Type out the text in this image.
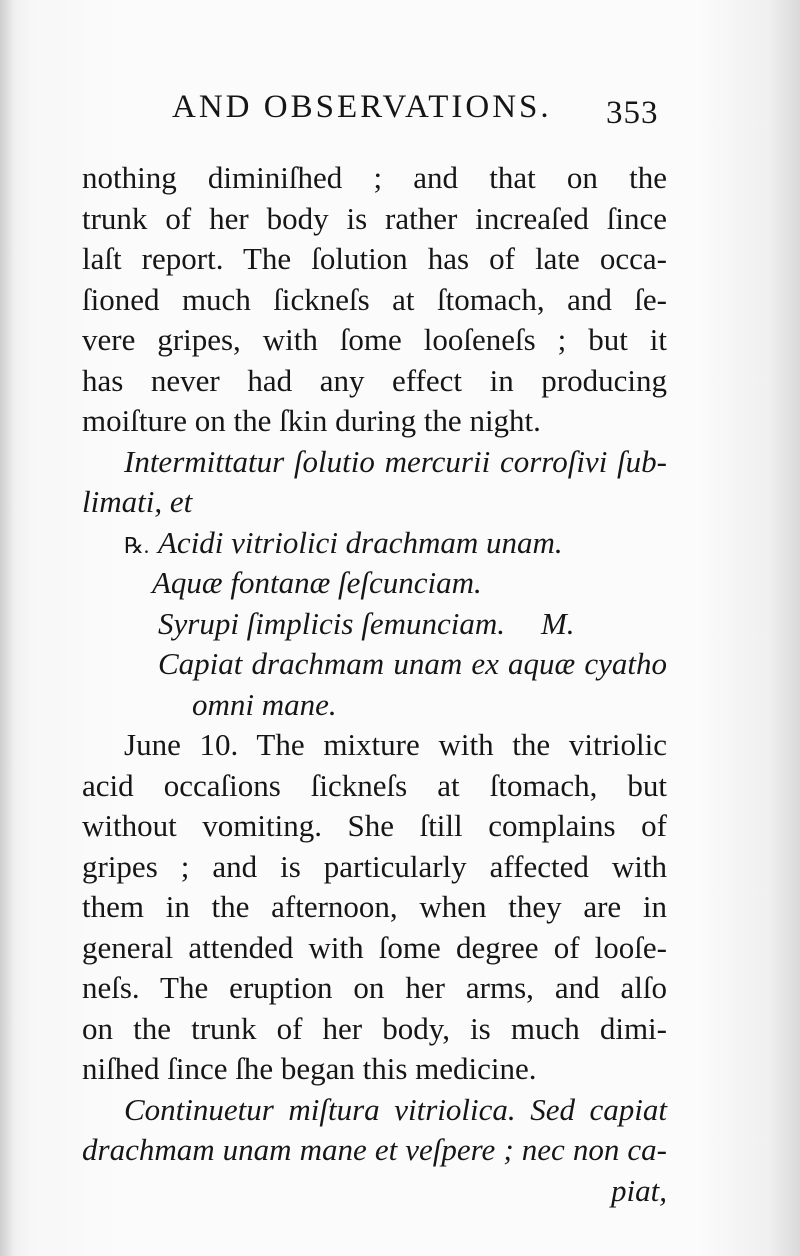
AND OBSERVATIONS. 353
nothing diminiſhed ; and that on the
trunk of her body is rather increaſed ſince
laſt report. The ſolution has of late occa-
ſioned much ſickneſs at ſtomach, and ſe-
vere gripes, with ſome looſeneſs ; but it
has never had any effect in producing
moiſture on the ſkin during the night.
Intermittatur ſolutio mercurii corroſivi ſub-
limati, et
℞. Acidi vitriolici drachmam unam.
Aquæ fontanæ ſeſcunciam.
Syrupi ſimplicis ſemunciam. M.
Capiat drachmam unam ex aquæ cyatho
omni mane.
June 10. The mixture with the vitriolic
acid occaſions ſickneſs at ſtomach, but
without vomiting. She ſtill complains of
gripes ; and is particularly affected with
them in the afternoon, when they are in
general attended with ſome degree of looſe-
neſs. The eruption on her arms, and alſo
on the trunk of her body, is much dimi-
niſhed ſince ſhe began this medicine.
Continuetur miſtura vitriolica. Sed capiat
drachmam unam mane et veſpere ; nec non ca-
piat,
